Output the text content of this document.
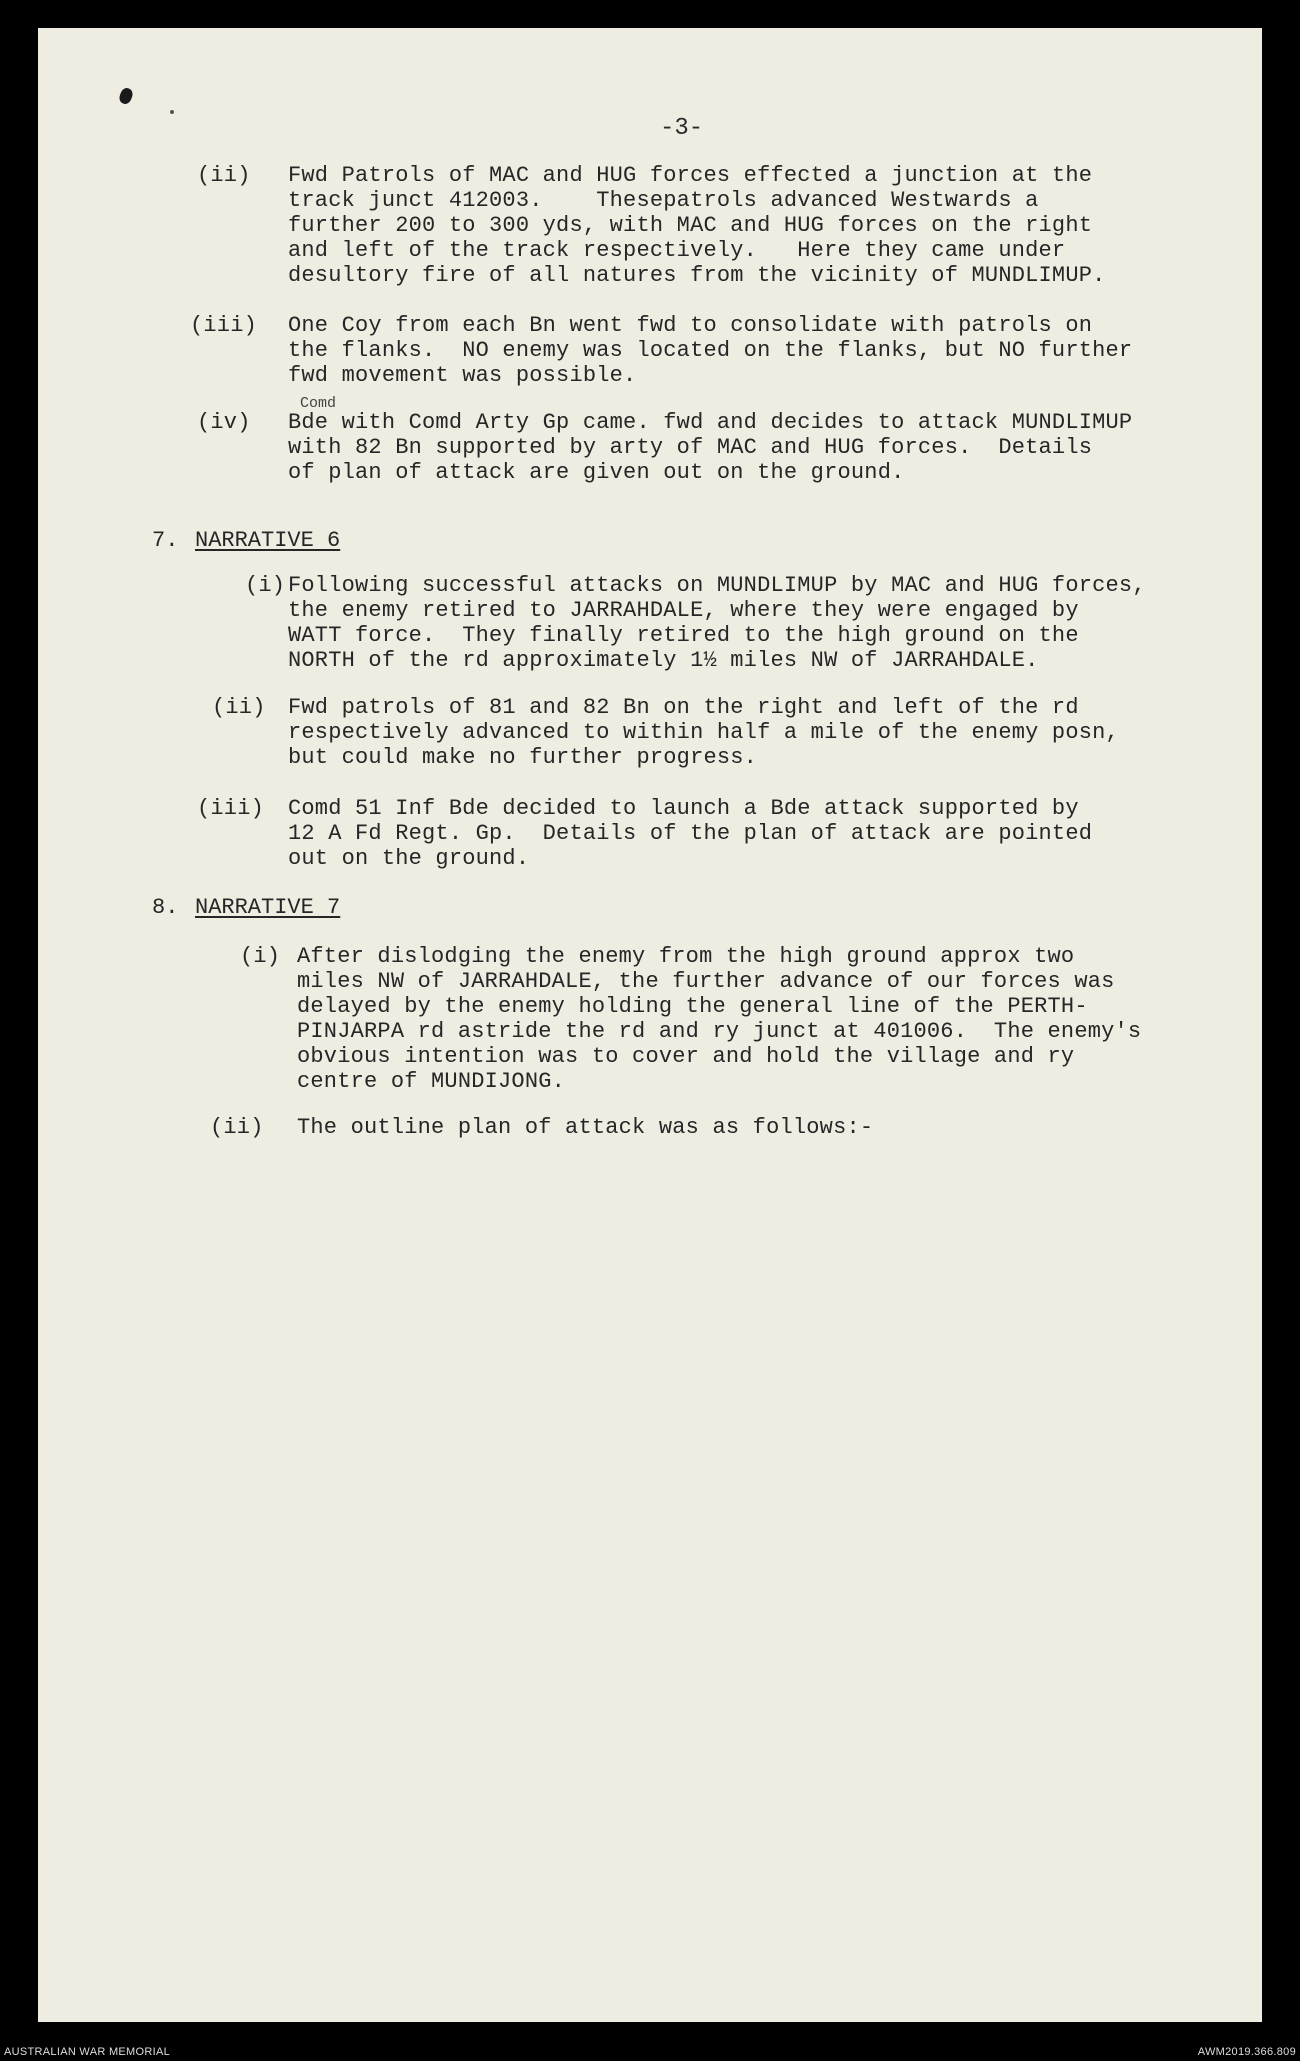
-3-
(ii) Fwd Patrols of MAC and HUG forces effected a junction at the
track junct 412003.    Thesepatrols advanced Westwards a
further 200 to 300 yds, with MAC and HUG forces on the right
and left of the track respectively.   Here they came under
desultory fire of all natures from the vicinity of MUNDLIMUP.
(iii) One Coy from each Bn went fwd to consolidate with patrols on
the flanks.  NO enemy was located on the flanks, but NO further
fwd movement was possible.
(iv) Bde with Comd Arty Gp came. fwd and decides to attack MUNDLIMUP
with 82 Bn supported by arty of MAC and HUG forces.  Details
of plan of attack are given out on the ground.
Comd
7. NARRATIVE 6
(i) Following successful attacks on MUNDLIMUP by MAC and HUG forces,
the enemy retired to JARRAHDALE, where they were engaged by
WATT force.  They finally retired to the high ground on the
NORTH of the rd approximately 1½ miles NW of JARRAHDALE.
(ii) Fwd patrols of 81 and 82 Bn on the right and left of the rd
respectively advanced to within half a mile of the enemy posn,
but could make no further progress.
(iii) Comd 51 Inf Bde decided to launch a Bde attack supported by
12 A Fd Regt. Gp.  Details of the plan of attack are pointed
out on the ground.
8. NARRATIVE 7
(i) After dislodging the enemy from the high ground approx two
miles NW of JARRAHDALE, the further advance of our forces was
delayed by the enemy holding the general line of the PERTH-
PINJARPA rd astride the rd and ry junct at 401006.  The enemy's
obvious intention was to cover and hold the village and ry
centre of MUNDIJONG.
(ii) The outline plan of attack was as follows:-
AUSTRALIAN WAR MEMORIAL	AWM2019.366.809
